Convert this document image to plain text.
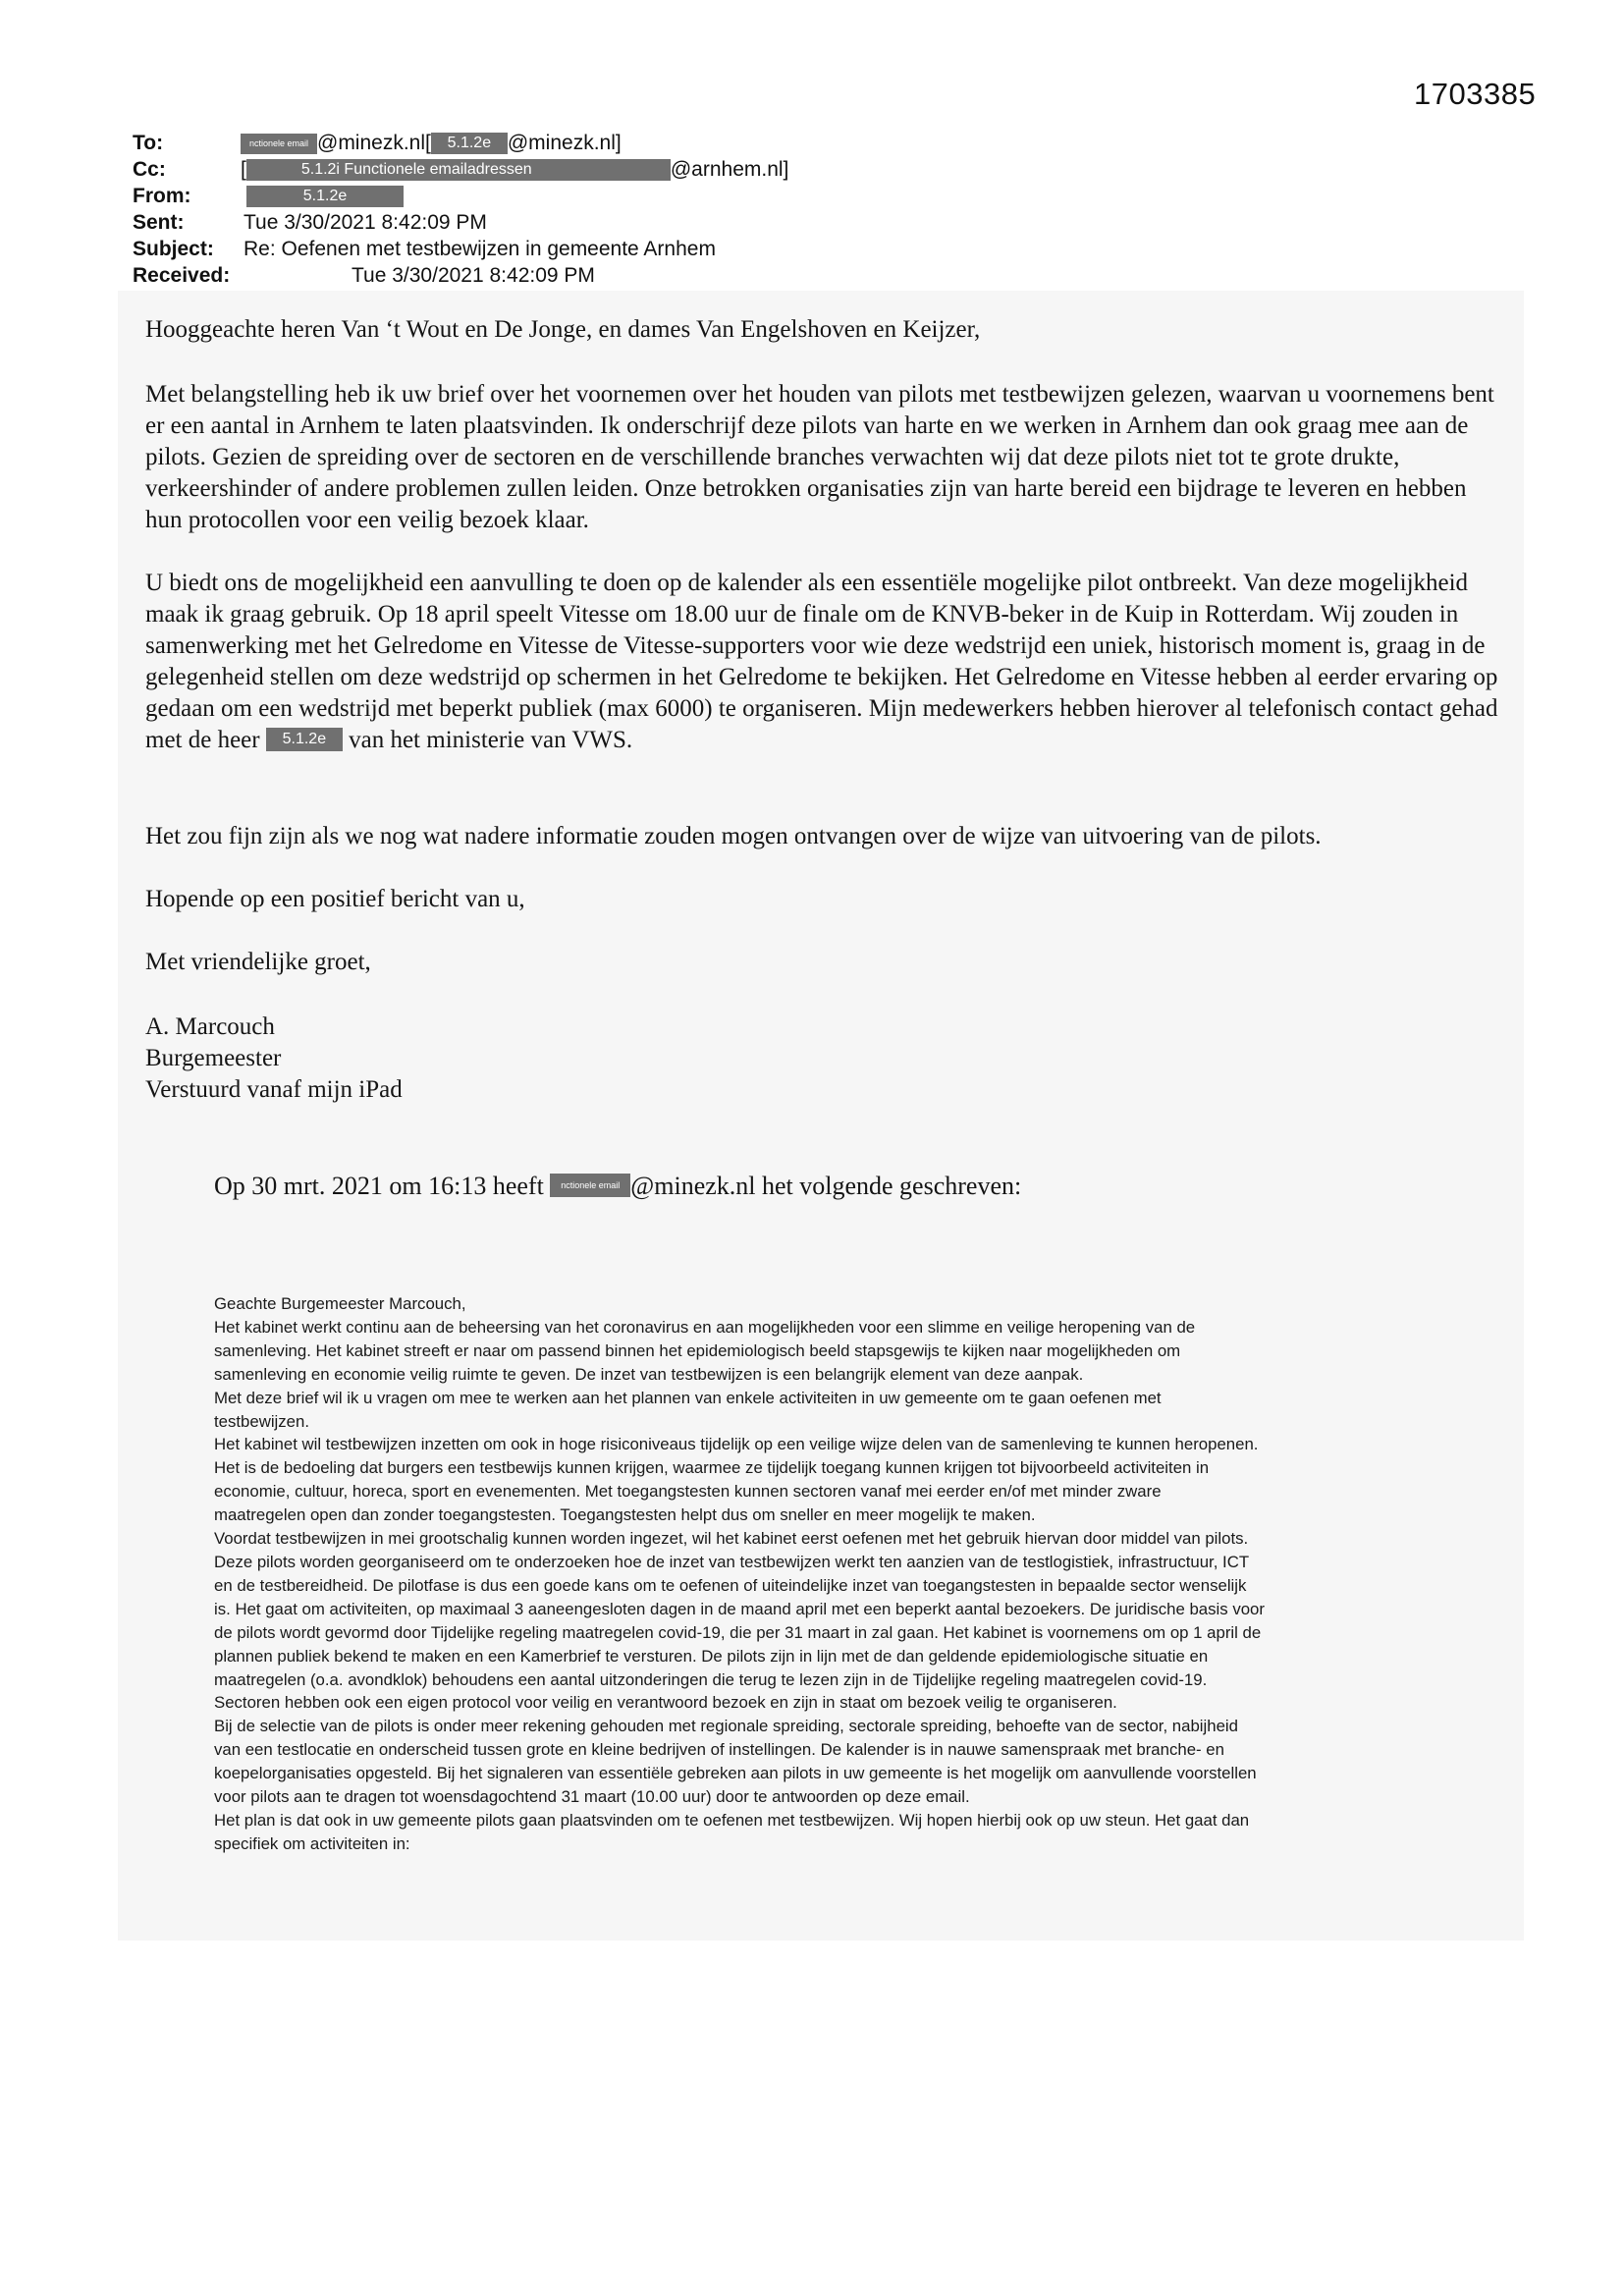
1703385
To:	nctionele email @minezk.nl[ 5.1.2e @minezk.nl]
Cc:	[	5.1.2i Functionele emailadressen	@arnhem.nl]
From:	5.1.2e
Sent:	Tue 3/30/2021 8:42:09 PM
Subject: Re: Oefenen met testbewijzen in gemeente Arnhem
Received:	Tue 3/30/2021 8:42:09 PM

Hooggeachte heren Van ‘t Wout en De Jonge, en dames Van Engelshoven en Keijzer,

Met belangstelling heb ik uw brief over het voornemen over het houden van pilots met testbewijzen gelezen, waarvan u voornemens bent er een aantal in Arnhem te laten plaatsvinden. Ik onderschrijf deze pilots van harte en we werken in Arnhem dan ook graag mee aan de pilots. Gezien de spreiding over de sectoren en de verschillende branches verwachten wij dat deze pilots niet tot te grote drukte, verkeershinder of andere problemen zullen leiden. Onze betrokken organisaties zijn van harte bereid een bijdrage te leveren en hebben hun protocollen voor een veilig bezoek klaar.

U biedt ons de mogelijkheid een aanvulling te doen op de kalender als een essentiële mogelijke pilot ontbreekt. Van deze mogelijkheid maak ik graag gebruik. Op 18 april speelt Vitesse om 18.00 uur de finale om de KNVB-beker in de Kuip in Rotterdam. Wij zouden in samenwerking met het Gelredome en Vitesse de Vitesse-supporters voor wie deze wedstrijd een uniek, historisch moment is, graag in de gelegenheid stellen om deze wedstrijd op schermen in het Gelredome te bekijken. Het Gelredome en Vitesse hebben al eerder ervaring op gedaan om een wedstrijd met beperkt publiek (max 6000) te organiseren. Mijn medewerkers hebben hierover al telefonisch contact gehad met de heer 5.1.2e van het ministerie van VWS.

Het zou fijn zijn als we nog wat nadere informatie zouden mogen ontvangen over de wijze van uitvoering van de pilots.

Hopende op een positief bericht van u,

Met vriendelijke groet,

A. Marcouch

Burgemeester

Verstuurd vanaf mijn iPad

Op 30 mrt. 2021 om 16:13 heeft nctionele email @minezk.nl het volgende geschreven:
Geachte Burgemeester Marcouch,
Het kabinet werkt continu aan de beheersing van het coronavirus en aan mogelijkheden voor een slimme en veilige heropening van de
samenleving. Het kabinet streeft er naar om passend binnen het epidemiologisch beeld stapsgewijs te kijken naar mogelijkheden om
samenleving en economie veilig ruimte te geven. De inzet van testbewijzen is een belangrijk element van deze aanpak.
Met deze brief wil ik u vragen om mee te werken aan het plannen van enkele activiteiten in uw gemeente om te gaan oefenen met
testbewijzen.
Het kabinet wil testbewijzen inzetten om ook in hoge risiconiveaus tijdelijk op een veilige wijze delen van de samenleving te kunnen heropenen.
Het is de bedoeling dat burgers een testbewijs kunnen krijgen, waarmee ze tijdelijk toegang kunnen krijgen tot bijvoorbeeld activiteiten in
economie, cultuur, horeca, sport en evenementen. Met toegangstesten kunnen sectoren vanaf mei eerder en/of met minder zware
maatregelen open dan zonder toegangstesten. Toegangstesten helpt dus om sneller en meer mogelijk te maken.
Voordat testbewijzen in mei grootschalig kunnen worden ingezet, wil het kabinet eerst oefenen met het gebruik hiervan door middel van pilots.
Deze pilots worden georganiseerd om te onderzoeken hoe de inzet van testbewijzen werkt ten aanzien van de testlogistiek, infrastructuur, ICT
en de testbereidheid. De pilotfase is dus een goede kans om te oefenen of uiteindelijke inzet van toegangstesten in bepaalde sector wenselijk
is. Het gaat om activiteiten, op maximaal 3 aaneengesloten dagen in de maand april met een beperkt aantal bezoekers. De juridische basis voor
de pilots wordt gevormd door Tijdelijke regeling maatregelen covid-19, die per 31 maart in zal gaan. Het kabinet is voornemens om op 1 april de
plannen publiek bekend te maken en een Kamerbrief te versturen. De pilots zijn in lijn met de dan geldende epidemiologische situatie en
maatregelen (o.a. avondklok) behoudens een aantal uitzonderingen die terug te lezen zijn in de Tijdelijke regeling maatregelen covid-19.
Sectoren hebben ook een eigen protocol voor veilig en verantwoord bezoek en zijn in staat om bezoek veilig te organiseren.
Bij de selectie van de pilots is onder meer rekening gehouden met regionale spreiding, sectorale spreiding, behoefte van de sector, nabijheid
van een testlocatie en onderscheid tussen grote en kleine bedrijven of instellingen. De kalender is in nauwe samenspraak met branche- en
koepelorganisaties opgesteld. Bij het signaleren van essentiële gebreken aan pilots in uw gemeente is het mogelijk om aanvullende voorstellen
voor pilots aan te dragen tot woensdagochtend 31 maart (10.00 uur) door te antwoorden op deze email.
Het plan is dat ook in uw gemeente pilots gaan plaatsvinden om te oefenen met testbewijzen. Wij hopen hierbij ook op uw steun. Het gaat dan
specifiek om activiteiten in:
